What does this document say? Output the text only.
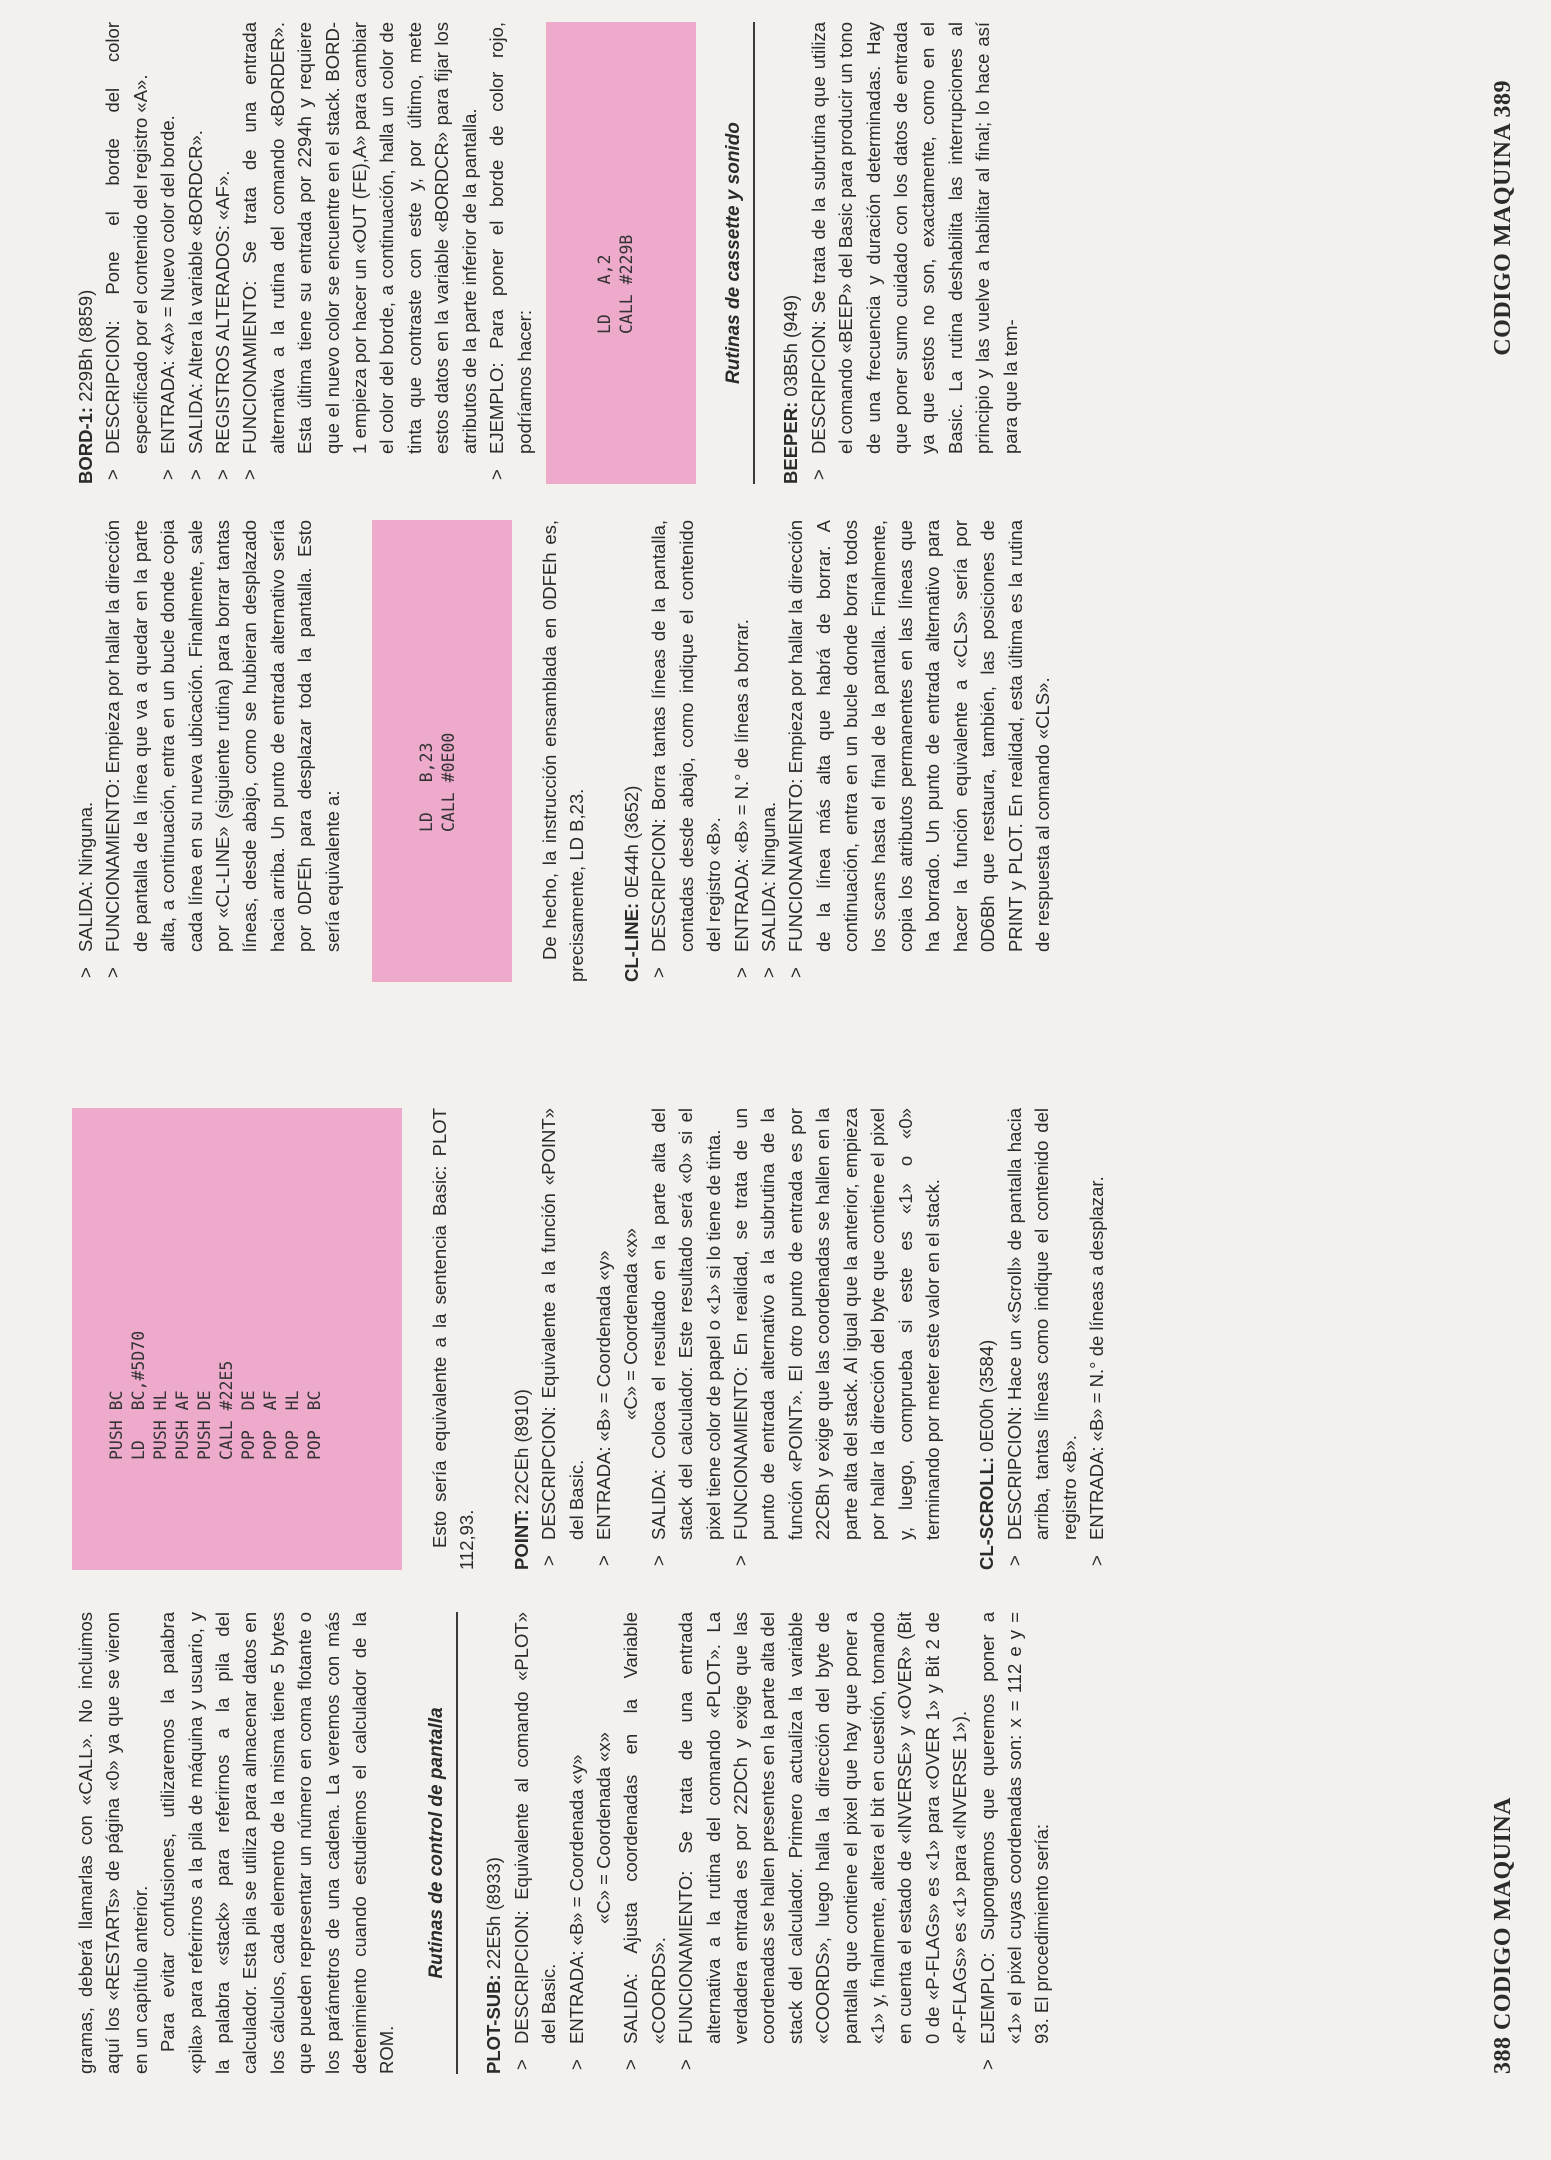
gramas, deberá llamarlas con «CALL». No incluimos aquí los «RESTARTs» de página «0» ya que se vieron en un capítulo anterior. Para evitar confusiones, utilizaremos la palabra «pila» para referirnos a la pila de máquina y usuario, y la palabra «stack» para referirnos a la pila del calculador. Esta pila se utiliza para almacenar datos en los cálculos, cada elemento de la misma tiene 5 bytes que pueden representar un número en coma flotante o los parámetros de una cadena. La veremos con más detenimiento cuando estudiemos el calculador de la ROM.

Rutinas de control de pantalla

PLOT-SUB: 22E5h (8933) > DESCRIPCION: Equivalente al comando «PLOT» del Basic. > ENTRADA: «B» = Coordenada «y» «C» = Coordenada «x» > SALIDA: Ajusta coordenadas en la Variable «COORDS». > FUNCIONAMIENTO: Se trata de una entrada alternativa a la rutina del comando «PLOT». La verdadera entrada es por 22DCh y exige que las coordenadas se hallen presentes en la parte alta del stack del calculador. Primero actualiza la variable «COORDS», luego halla la dirección del byte de pantalla que contiene el pixel que hay que poner a «1» y, finalmente, altera el bit en cuestión, tomando en cuenta el estado de «INVERSE» y «OVER» (Bit 0 de «P-FLAGs» es «1» para «OVER 1» y Bit 2 de «P-FLAGs» es «1» para «INVERSE 1»). > EJEMPLO: Supongamos que queremos poner a «1» el pixel cuyas coordenadas son: x = 112 e y = 93. El procedimiento sería:

PUSH BC
LD   BC,#5D70
PUSH HL
PUSH AF
PUSH DE
CALL #22E5
POP  DE
POP  AF
POP  HL
POP  BC	Esto sería equivalente a la sentencia Basic: PLOT 112,93. POINT: 22CEh (8910) > DESCRIPCION: Equivalente a la función «POINT» del Basic. > ENTRADA: «B» = Coordenada «y» «C» = Coordenada «x» > SALIDA: Coloca el resultado en la parte alta del stack del calculador. Este resultado será «0» si el pixel tiene color de papel o «1» si lo tiene de tinta. > FUNCIONAMIENTO: En realidad, se trata de un punto de entrada alternativo a la subrutina de la función «POINT». El otro punto de entrada es por 22CBh y exige que las coordenadas se hallen en la parte alta del stack. Al igual que la anterior, empieza por hallar la dirección del byte que contiene el pixel y, luego, comprueba si este es «1» o «0» terminando por meter este valor en el stack. CL-SCROLL: 0E00h (3584) > DESCRIPCION: Hace un «Scroll» de pantalla hacia arriba, tantas líneas como indique el contenido del registro «B». > ENTRADA: «B» = N.° de líneas a desplazar.

388 CODIGO MAQUINA

> SALIDA: Ninguna. > FUNCIONAMIENTO: Empieza por hallar la dirección de pantalla de la línea que va a quedar en la parte alta, a continuación, entra en un bucle donde copia cada línea en su nueva ubicación. Finalmente, sale por «CL-LINE» (siguiente rutina) para borrar tantas líneas, desde abajo, como se hubieran desplazado hacia arriba. Un punto de entrada alternativo sería por 0DFEh para desplazar toda la pantalla. Esto sería equivalente a:	LD   B,23
CALL #0E00	De hecho, la instrucción ensamblada en 0DFEh es, precisamente, LD B,23. CL-LINE: 0E44h (3652) > DESCRIPCION: Borra tantas líneas de la pantalla, contadas desde abajo, como indique el contenido del registro «B». > ENTRADA: «B» = N.° de líneas a borrar. > SALIDA: Ninguna. > FUNCIONAMIENTO: Empieza por hallar la dirección de la línea más alta que habrá de borrar. A continuación, entra en un bucle donde borra todos los scans hasta el final de la pantalla. Finalmente, copia los atributos permanentes en las líneas que ha borrado. Un punto de entrada alternativo para hacer la función equivalente a «CLS» sería por 0D6Bh que restaura, también, las posiciones de PRINT y PLOT. En realidad, esta última es la rutina de respuesta al comando «CLS».

BORD-1: 229Bh (8859) > DESCRIPCION: Pone el borde del color especificado por el contenido del registro «A». > ENTRADA: «A» = Nuevo color del borde. > SALIDA: Altera la variable «BORDCR». > REGISTROS ALTERADOS: «AF». > FUNCIONAMIENTO: Se trata de una entrada alternativa a la rutina del comando «BORDER». Esta última tiene su entrada por 2294h y requiere que el nuevo color se encuentre en el stack. BORD-1 empieza por hacer un «OUT (FE),A» para cambiar el color del borde, a continuación, halla un color de tinta que contraste con este y, por último, mete estos datos en la variable «BORDCR» para fijar los atributos de la parte inferior de la pantalla. > EJEMPLO: Para poner el borde de color rojo, podríamos hacer:	LD   A,2
CALL #229B	Rutinas de cassette y sonido

BEEPER: 03B5h (949) > DESCRIPCION: Se trata de la subrutina que utiliza el comando «BEEP» del Basic para producir un tono de una frecuencia y duración determinadas. Hay que poner sumo cuidado con los datos de entrada ya que estos no son, exactamente, como en el Basic. La rutina deshabilita las interrupciones al principio y las vuelve a habilitar al final; lo hace así para que la tem-

CODIGO MAQUINA 389
